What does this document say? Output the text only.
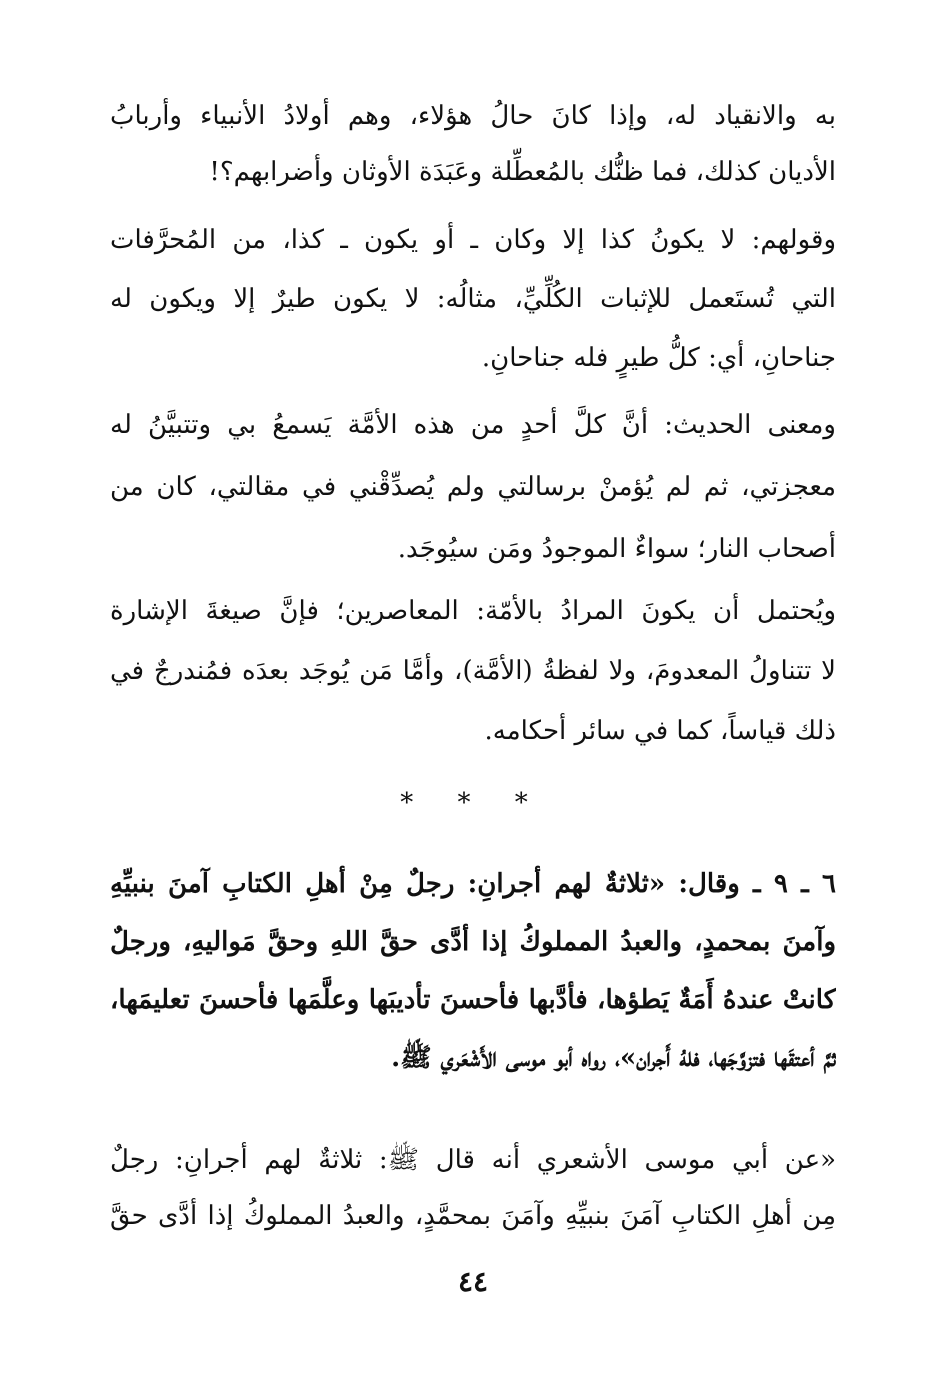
به والانقياد له، وإذا كانَ حالُ هؤلاء، وهم أولادُ الأنبياء وأربابُ
الأديان كذلك، فما ظنُّك بالمُعطِّلة وعَبَدَة الأوثان وأضرابهم؟!
وقولهم: لا يكونُ كذا إلا وكان ـ أو يكون ـ كذا، من المُحرَّفات
التي تُستَعمل للإثبات الكُلِّيِّ، مثالُه: لا يكون طيرٌ إلا ويكون له
جناحانِ، أي: كلُّ طيرٍ فله جناحانِ.
ومعنى الحديث: أنَّ كلَّ أحدٍ من هذه الأمَّة يَسمعُ بي وتتبيَّنُ له
معجزتي، ثم لم يُؤمنْ برسالتي ولم يُصدِّقْني في مقالتي، كان من
أصحاب النار؛ سواءٌ الموجودُ ومَن سيُوجَد.
ويُحتمل أن يكونَ المرادُ بالأمّة: المعاصرين؛ فإنَّ صيغةَ الإشارة
لا تتناولُ المعدومَ، ولا لفظةُ (الأمَّة)، وأمَّا مَن يُوجَد بعدَه فمُندرجٌ في
ذلك قياساً، كما في سائر أحكامه.
* * *
٦ ـ ٩ ـ وقال: «ثلاثةٌ لهم أجرانِ: رجلٌ مِنْ أهلِ الكتابِ آمنَ بنبيِّهِ
وآمنَ بمحمدٍ، والعبدُ المملوكُ إذا أدَّى حقَّ اللهِ وحقَّ مَواليهِ، ورجلٌ
كانتْ عندهُ أَمَةٌ يَطؤها، فأدَّبها فأحسنَ تأديبَها وعلَّمَها فأحسنَ تعليمَها،
ثمَّ أعتقَها فتزوَّجَها، فلهُ أَجران»، رواه أبو موسى الأَشْعَري ﷺ.
«عن أبي موسى الأشعري أنه قال ﷺ: ثلاثةٌ لهم أجرانِ: رجلٌ
مِن أهلِ الكتابِ آمَنَ بنبيِّهِ وآمَنَ بمحمَّدٍ، والعبدُ المملوكُ إذا أدَّى حقَّ
٤٤
